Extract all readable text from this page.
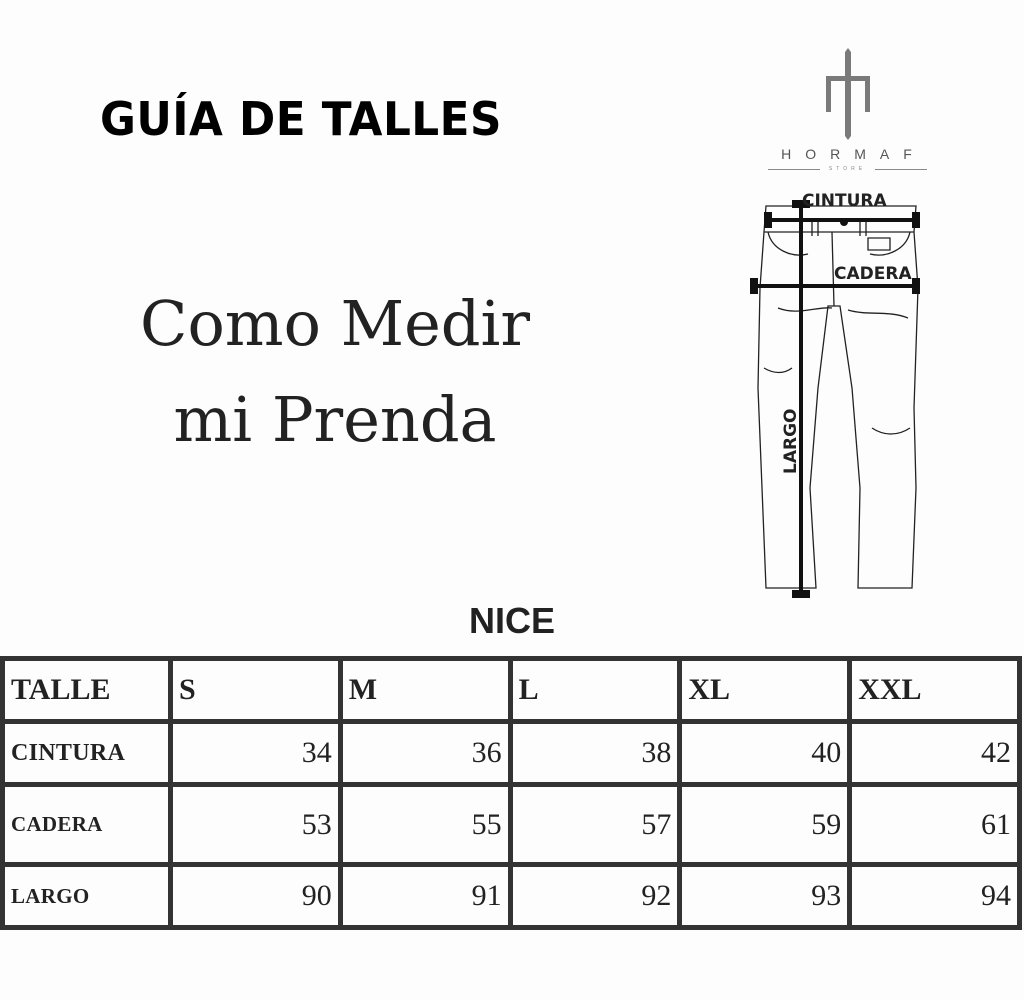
GUÍA DE TALLES
Como Medir
mi Prenda
HORMAF
STORE
CINTURA
CADERA
LARGO
NICE
TALLE	S	M	L	XL	XXL
CINTURA	34	36	38	40	42
CADERA	53	55	57	59	61
LARGO	90	91	92	93	94
